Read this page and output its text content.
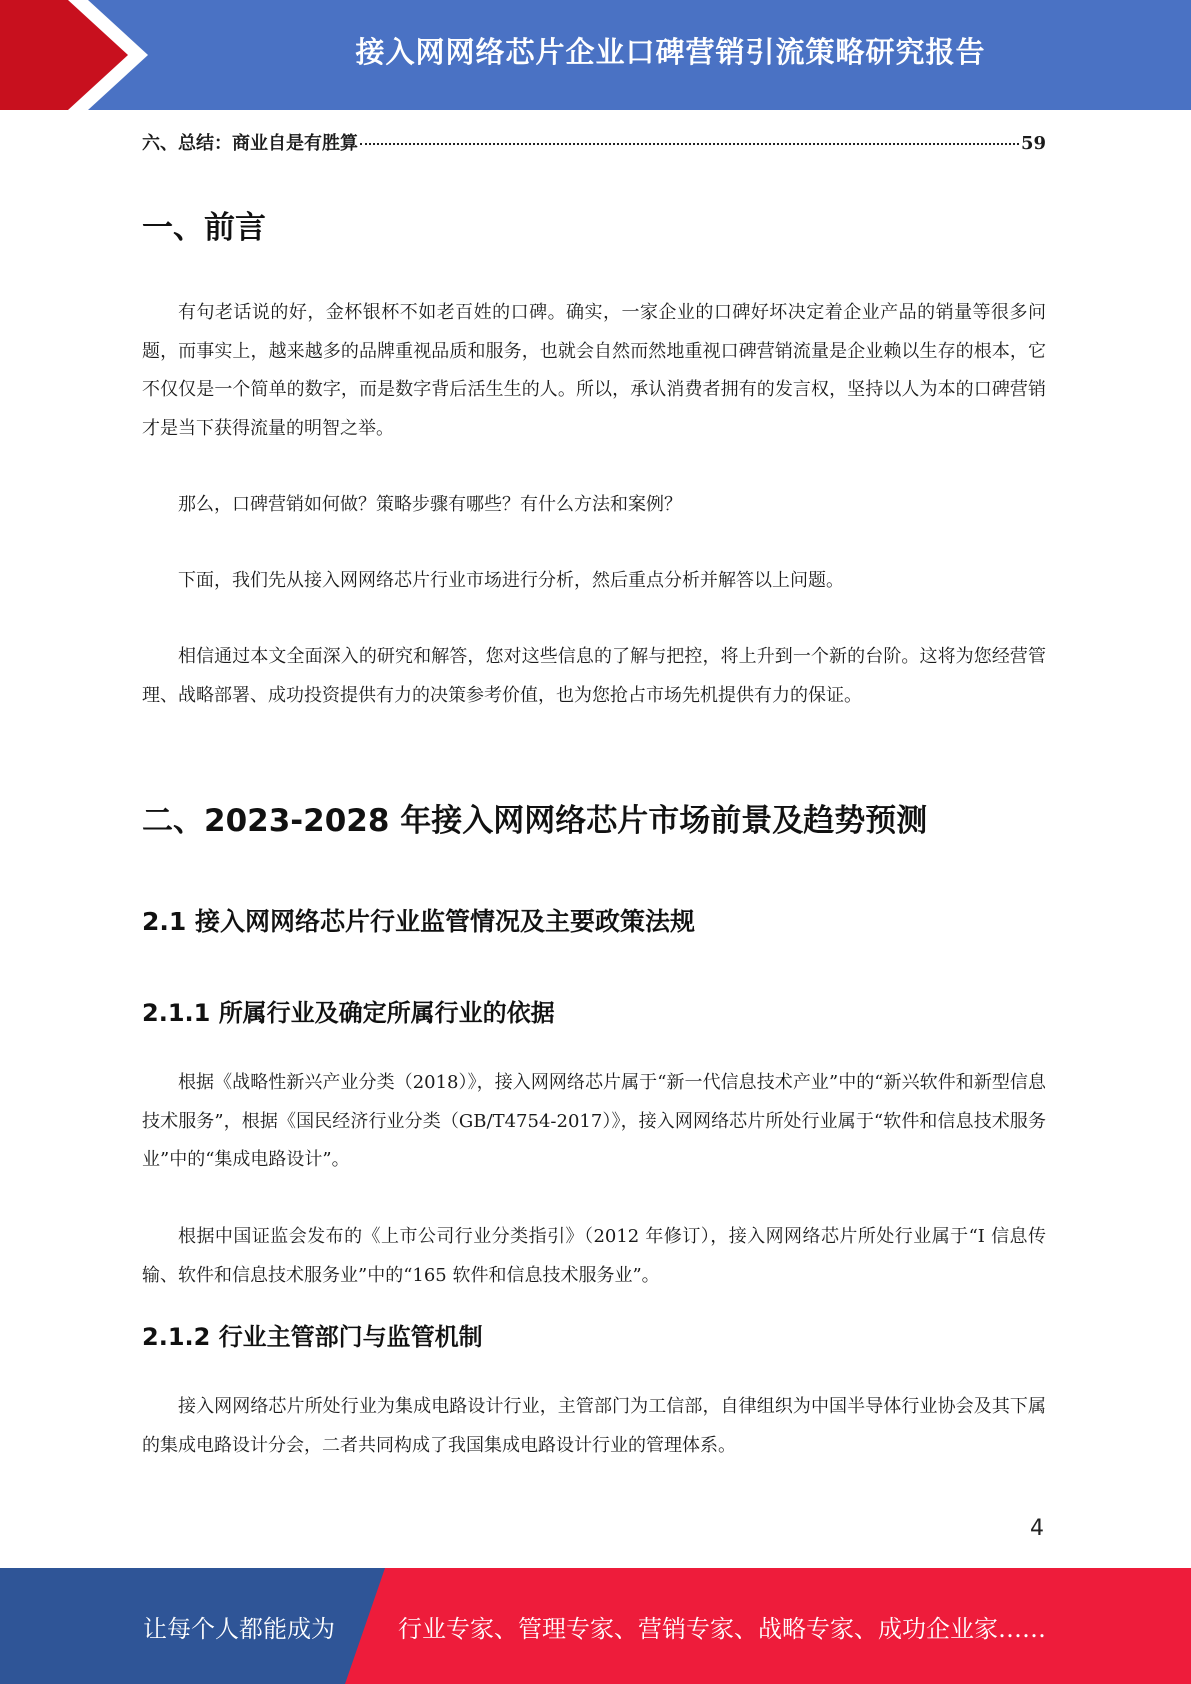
接入网网络芯片企业口碑营销引流策略研究报告
六、总结：商业自是有胜算	59
一、前言

有句老话说的好，金杯银杯不如老百姓的口碑。确实，一家企业的口碑好坏决定着企业产品的销量等很多问题，而事实上，越来越多的品牌重视品质和服务，也就会自然而然地重视口碑营销流量是企业赖以生存的根本，它不仅仅是一个简单的数字，而是数字背后活生生的人。所以，承认消费者拥有的发言权，坚持以人为本的口碑营销才是当下获得流量的明智之举。

那么，口碑营销如何做？策略步骤有哪些？有什么方法和案例？

下面，我们先从接入网网络芯片行业市场进行分析，然后重点分析并解答以上问题。

相信通过本文全面深入的研究和解答，您对这些信息的了解与把控，将上升到一个新的台阶。这将为您经营管理、战略部署、成功投资提供有力的决策参考价值，也为您抢占市场先机提供有力的保证。

二、2023-2028 年接入网网络芯片市场前景及趋势预测
2.1 接入网网络芯片行业监管情况及主要政策法规
2.1.1 所属行业及确定所属行业的依据

根据《战略性新兴产业分类（2018）》，接入网网络芯片属于“新一代信息技术产业”中的“新兴软件和新型信息技术服务”，根据《国民经济行业分类（GB/T4754-2017）》，接入网网络芯片所处行业属于“软件和信息技术服务业”中的“集成电路设计”。

根据中国证监会发布的《上市公司行业分类指引》（2012 年修订），接入网网络芯片所处行业属于“I 信息传输、软件和信息技术服务业”中的“165 软件和信息技术服务业”。

2.1.2 行业主管部门与监管机制

接入网网络芯片所处行业为集成电路设计行业，主管部门为工信部，自律组织为中国半导体行业协会及其下属的集成电路设计分会，二者共同构成了我国集成电路设计行业的管理体系。

4
让每个人都能成为	行业专家、管理专家、营销专家、战略专家、成功企业家……
